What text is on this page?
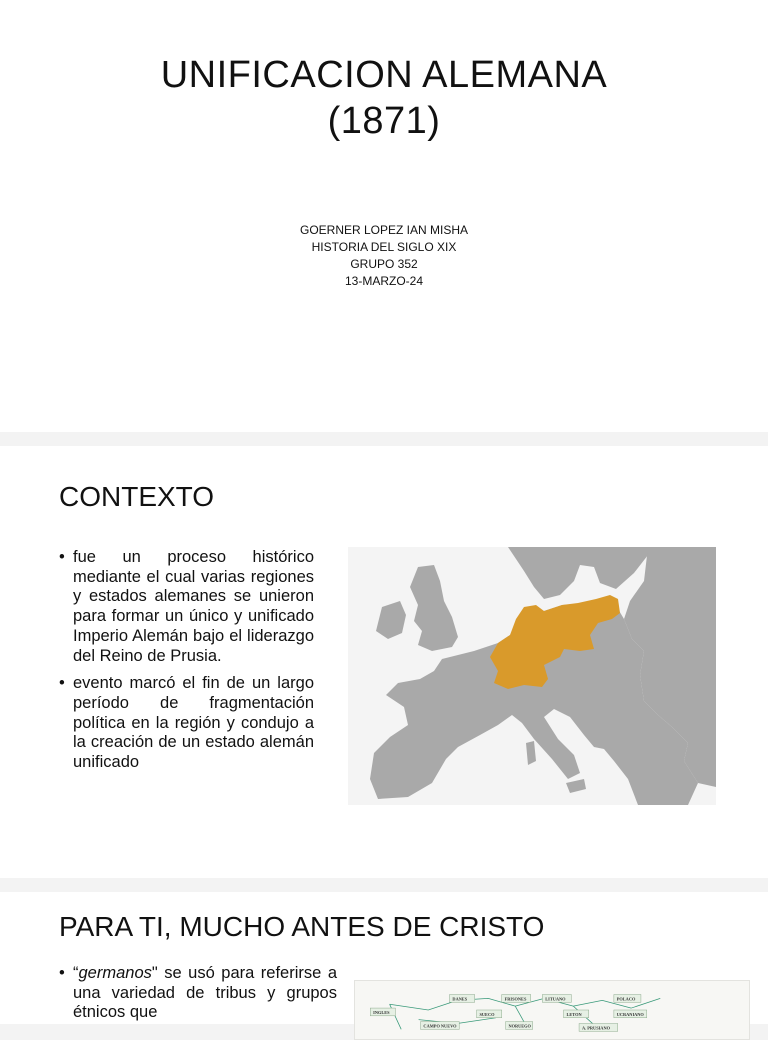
UNIFICACION ALEMANA
(1871)
GOERNER LOPEZ IAN MISHA
HISTORIA DEL SIGLO XIX
GRUPO 352
13-MARZO-24
CONTEXTO
• fue un proceso histórico mediante el cual varias regiones y estados alemanes se unieron para formar un único y unificado Imperio Alemán bajo el liderazgo del Reino de Prusia.
• evento marcó el fin de un largo período de fragmentación política en la región y condujo a la creación de un estado alemán unificado
PARA TI, MUCHO ANTES DE CRISTO
• “germanos" se usó para referirse a una variedad de tribus y grupos étnicos que
DANES	FRISONES	LITUANO	POLACO
INGLES	SUECO
NORUEGO
LETON	UCRANIANO
CAMPO NUEVO	A. PRUSIANO
